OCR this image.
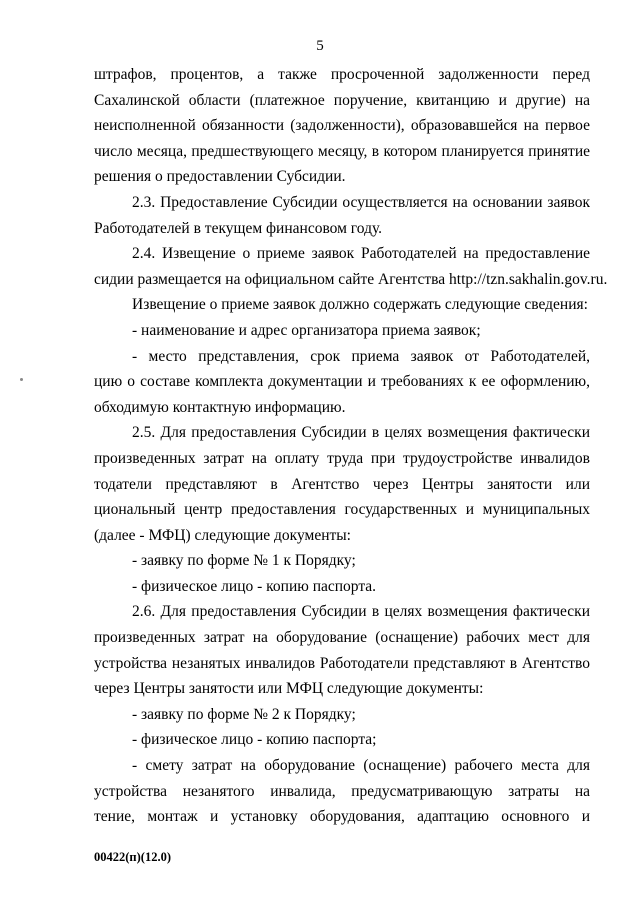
5
штрафов, процентов, а также просроченной задолженности перед
Сахалинской области (платежное поручение, квитанцию и другие) на
неисполненной обязанности (задолженности), образовавшейся на первое
число месяца, предшествующего месяцу, в котором планируется принятие
решения о предоставлении Субсидии.
2.3. Предоставление Субсидии осуществляется на основании заявок
Работодателей в текущем финансовом году.
2.4. Извещение о приеме заявок Работодателей на предоставление
сидии размещается на официальном сайте Агентства http://tzn.sakhalin.gov.ru.
Извещение о приеме заявок должно содержать следующие сведения:
- наименование и адрес организатора приема заявок;
- место представления, срок приема заявок от Работодателей,
цию о составе комплекта документации и требованиях к ее оформлению,
обходимую контактную информацию.
2.5. Для предоставления Субсидии в целях возмещения фактически
произведенных затрат на оплату труда при трудоустройстве инвалидов
тодатели представляют в Агентство через Центры занятости или
циональный центр предоставления государственных и муниципальных
(далее - МФЦ) следующие документы:
- заявку по форме № 1 к Порядку;
- физическое лицо - копию паспорта.
2.6. Для предоставления Субсидии в целях возмещения фактически
произведенных затрат на оборудование (оснащение) рабочих мест для
устройства незанятых инвалидов Работодатели представляют в Агентство
через Центры занятости или МФЦ следующие документы:
- заявку по форме № 2 к Порядку;
- физическое лицо - копию паспорта;
- смету затрат на оборудование (оснащение) рабочего места для
устройства незанятого инвалида, предусматривающую затраты на
тение, монтаж и установку оборудования, адаптацию основного и
00422(п)(12.0)
